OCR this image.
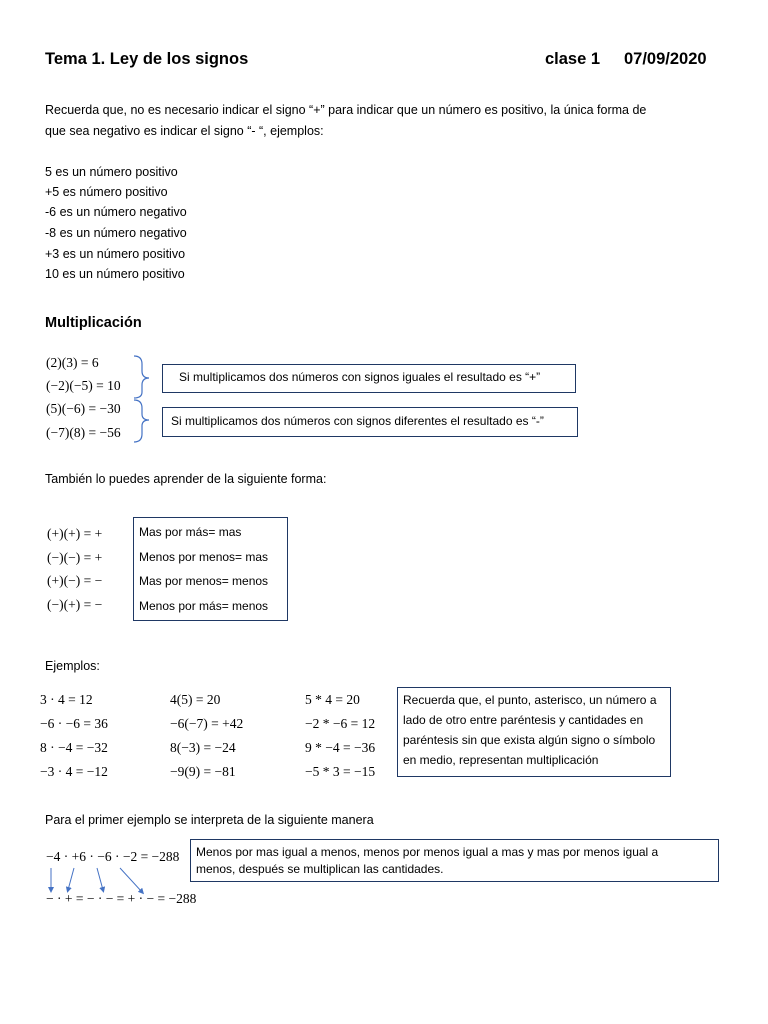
Tema 1. Ley de los signos	clase 1 07/09/2020
Recuerda que, no es necesario indicar el signo “+” para indicar que un número es positivo, la única forma de
que sea negativo es indicar el signo “- “, ejemplos:
5 es un número positivo
+5 es número positivo
-6 es un número negativo
-8 es un número negativo
+3 es un número positivo
10 es un número positivo
Multiplicación
(2)(3) = 6
(−2)(−5) = 10
(5)(−6) = −30
(−7)(8) = −56
Si multiplicamos dos números con signos iguales el resultado es “+”
Si multiplicamos dos números con signos diferentes el resultado es “-”
También lo puedes aprender de la siguiente forma:
(+)(+) = +
(−)(−) = +
(+)(−) = −
(−)(+) = −
Mas por más= mas
Menos por menos= mas
Mas por menos= menos
Menos por más= menos
Ejemplos:
3 · 4 = 12
−6 · −6 = 36
8 · −4 = −32
−3 · 4 = −12
4(5) = 20
−6(−7) = +42
8(−3) = −24
−9(9) = −81
5 * 4 = 20
−2 * −6 = 12
9 * −4 = −36
−5 * 3 = −15
Recuerda que, el punto, asterisco, un número a
lado de otro entre paréntesis y cantidades en
paréntesis sin que exista algún signo o símbolo
en medio, representan multiplicación
Para el primer ejemplo se interpreta de la siguiente manera
−4 · +6 · −6 · −2 = −288
− · + = − · − = + · − = −288
Menos por mas igual a menos, menos por menos igual a mas y mas por menos igual a
menos, después se multiplican las cantidades.
